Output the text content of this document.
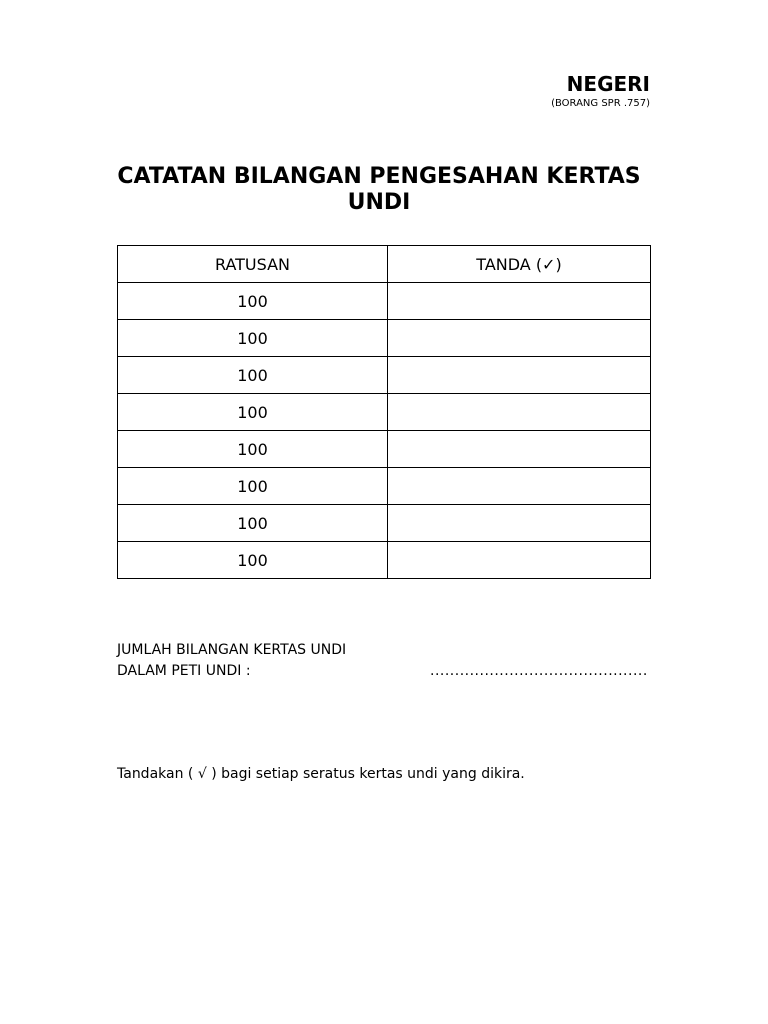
NEGERI
(BORANG SPR .757)
CATATAN BILANGAN PENGESAHAN KERTAS UNDI
RATUSAN	TANDA (✓)
100	
100	
100	
100	
100	
100	
100	
100	
JUMLAH BILANGAN KERTAS UNDI
DALAM PETI UNDI :	............................................
Tandakan ( √ ) bagi setiap seratus kertas undi yang dikira.
